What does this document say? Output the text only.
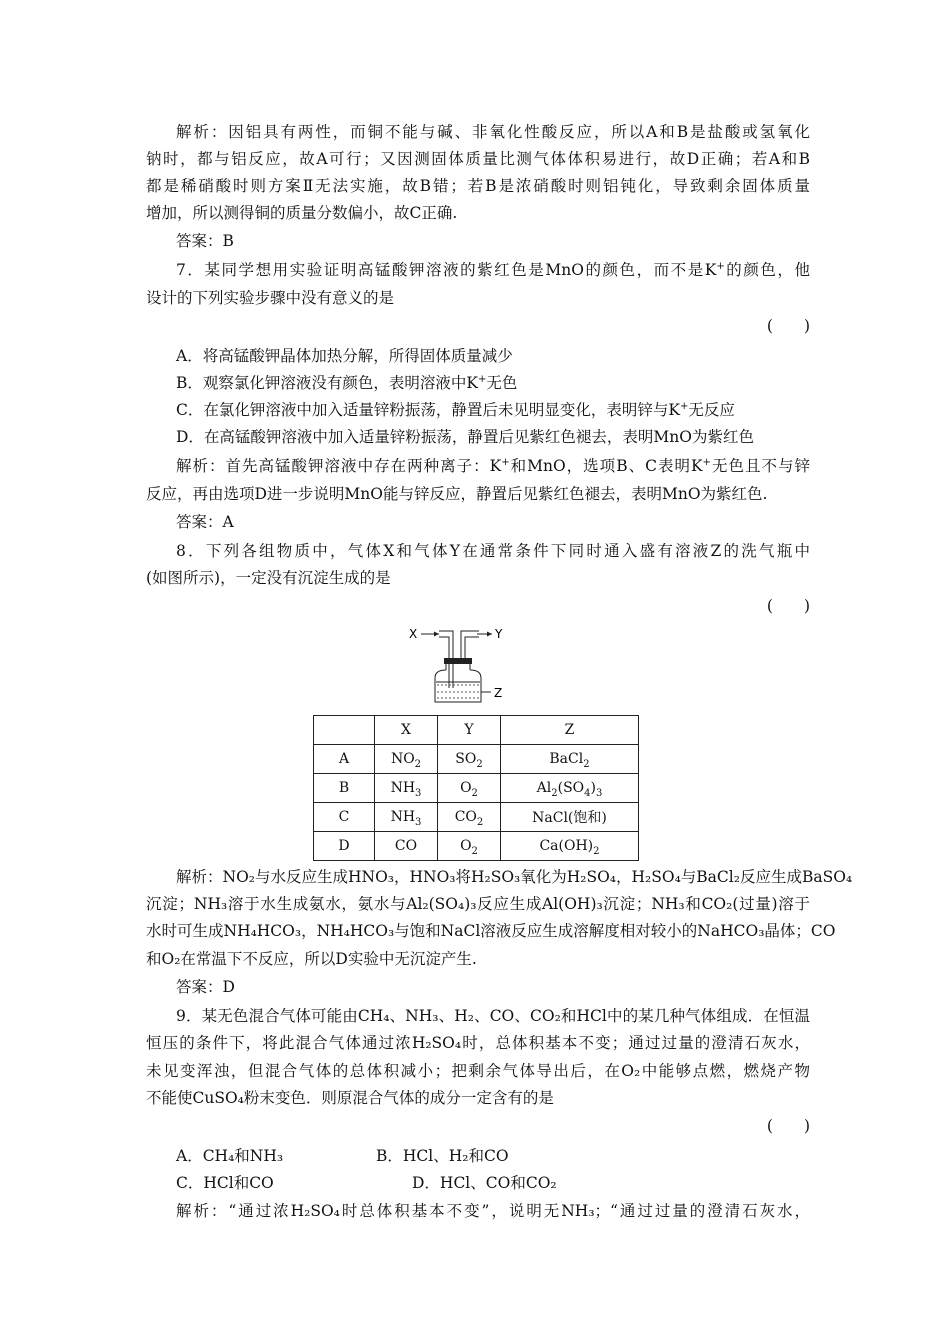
解析：因铝具有两性，而铜不能与碱、非氧化性酸反应，所以A和B是盐酸或氢氧化
钠时，都与铝反应，故A可行；又因测固体质量比测气体体积易进行，故D正确；若A和B
都是稀硝酸时则方案Ⅱ无法实施，故B错；若B是浓硝酸时则铝钝化，导致剩余固体质量
增加，所以测得铜的质量分数偏小，故C正确.
答案：B
7．某同学想用实验证明高锰酸钾溶液的紫红色是MnO的颜色，而不是K+的颜色，他
设计的下列实验步骤中没有意义的是
(　　)
A．将高锰酸钾晶体加热分解，所得固体质量减少
B．观察氯化钾溶液没有颜色，表明溶液中K+无色
C．在氯化钾溶液中加入适量锌粉振荡，静置后未见明显变化，表明锌与K+无反应
D．在高锰酸钾溶液中加入适量锌粉振荡，静置后见紫红色褪去，表明MnO为紫红色
解析：首先高锰酸钾溶液中存在两种离子：K+和MnO，选项B、C表明K+无色且不与锌
反应，再由选项D进一步说明MnO能与锌反应，静置后见紫红色褪去，表明MnO为紫红色.
答案：A
8．下列各组物质中，气体X和气体Y在通常条件下同时通入盛有溶液Z的洗气瓶中
(如图所示)，一定没有沉淀生成的是
(　　)
X	Y
Z
	X	Y	Z
A	$NO_2$	$SO_2$	BaCl$_2$
B	$NH_3$	$O_2$	$Al_2(SO_4)_3$
C	$NH_3$	$CO_2$	NaCl(饱和)
D	CO	$O_2$	$Ca(OH)_2$
解析：NO₂与水反应生成HNO₃，HNO₃将H₂SO₃氧化为H₂SO₄，H₂SO₄与BaCl₂反应生成BaSO₄
沉淀；NH₃溶于水生成氨水，氨水与Al₂(SO₄)₃反应生成Al(OH)₃沉淀；NH₃和CO₂(过量)溶于
水时可生成NH₄HCO₃，NH₄HCO₃与饱和NaCl溶液反应生成溶解度相对较小的NaHCO₃晶体；CO
和O₂在常温下不反应，所以D实验中无沉淀产生.
答案：D
9．某无色混合气体可能由CH₄、NH₃、H₂、CO、CO₂和HCl中的某几种气体组成．在恒温
恒压的条件下，将此混合气体通过浓H₂SO₄时，总体积基本不变；通过过量的澄清石灰水，
未见变浑浊，但混合气体的总体积减小；把剩余气体导出后，在O₂中能够点燃，燃烧产物
不能使CuSO₄粉末变色．则原混合气体的成分一定含有的是
(　　)
A．CH₄和NH₃	B．HCl、H₂和CO
C．HCl和CO	D．HCl、CO和CO₂
解析：“通过浓H₂SO₄时总体积基本不变”，说明无NH₃；“通过过量的澄清石灰水，
